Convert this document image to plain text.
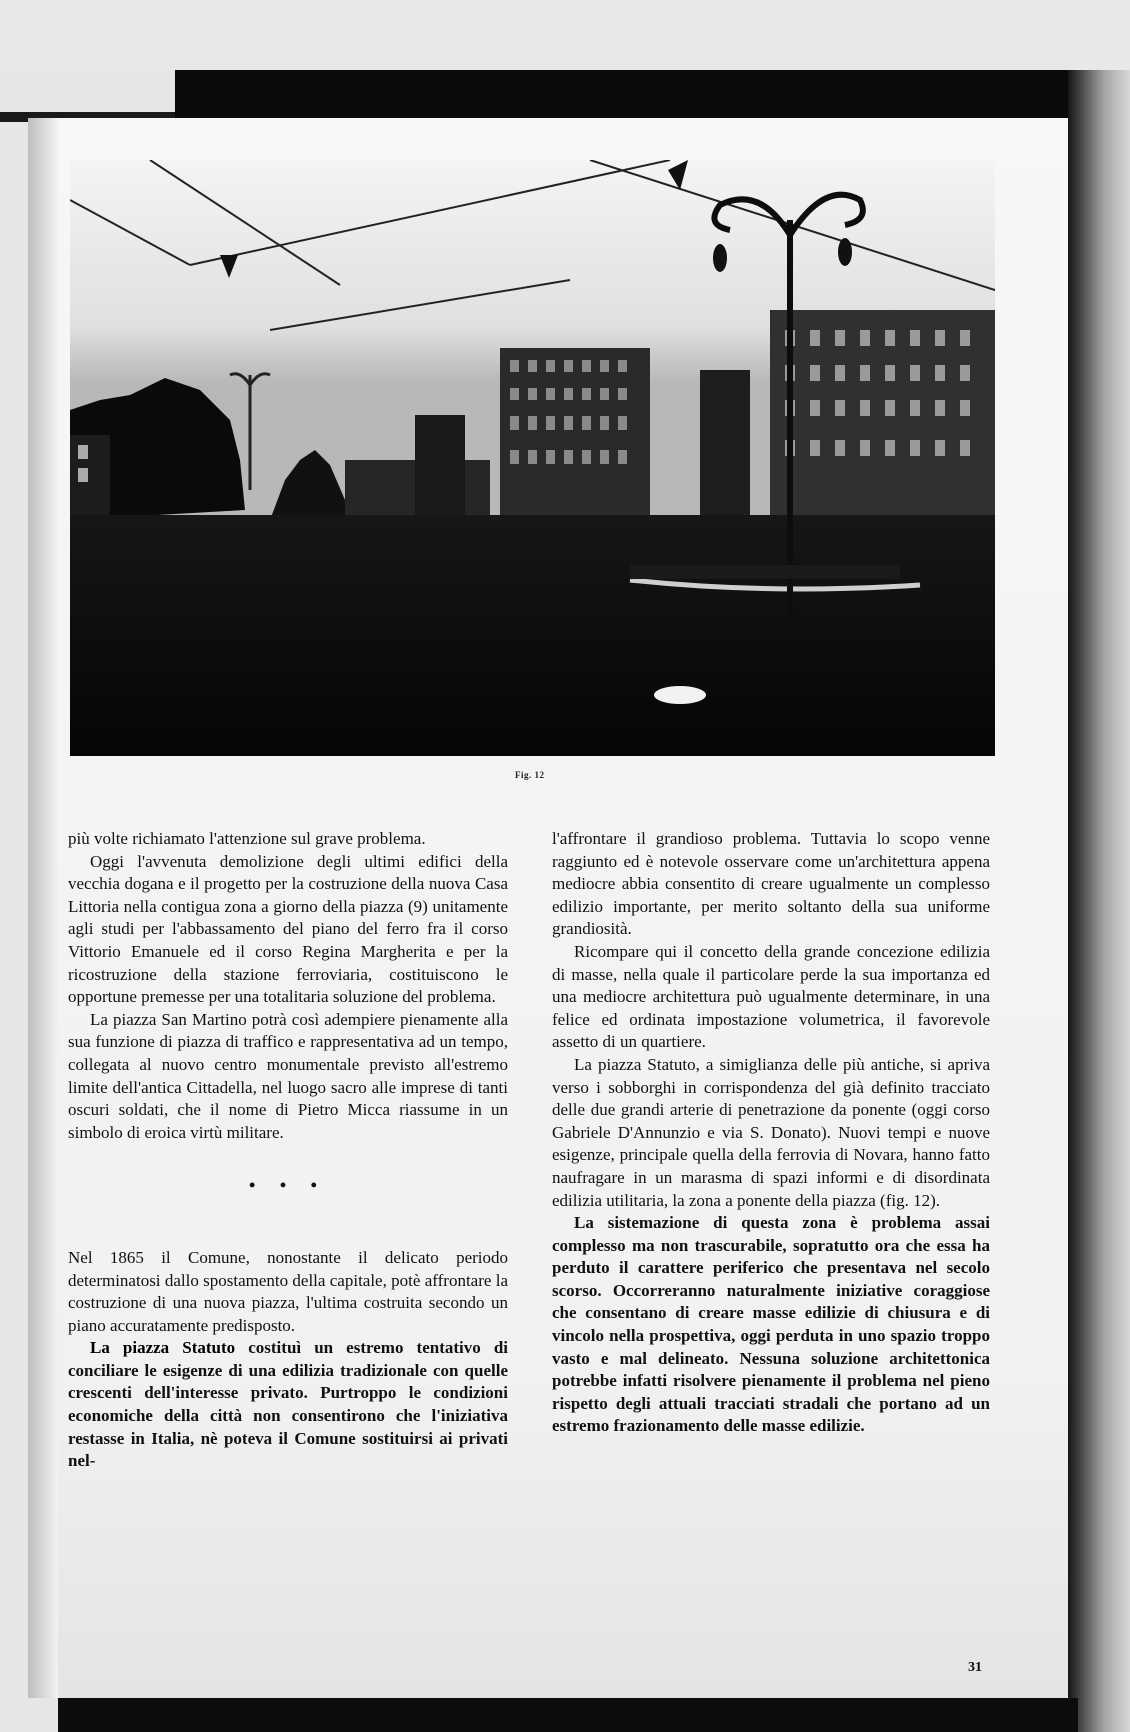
Fig. 12

più volte richiamato l'attenzione sul grave problema.

Oggi l'avvenuta demolizione degli ultimi edifici della vecchia dogana e il progetto per la costruzione della nuova Casa Littoria nella contigua zona a giorno della piazza (9) unitamente agli studi per l'abbassamento del piano del ferro fra il corso Vittorio Emanuele ed il corso Regina Margherita e per la ricostruzione della stazione ferroviaria, costituiscono le opportune premesse per una totalitaria soluzione del problema.

La piazza San Martino potrà così adempiere pienamente alla sua funzione di piazza di traffico e rappresentativa ad un tempo, collegata al nuovo centro monumentale previsto all'estremo limite dell'antica Cittadella, nel luogo sacro alle imprese di tanti oscuri soldati, che il nome di Pietro Micca riassume in un simbolo di eroica virtù militare.

• • •

Nel 1865 il Comune, nonostante il delicato periodo determinatosi dallo spostamento della capitale, potè affrontare la costruzione di una nuova piazza, l'ultima costruita secondo un piano accuratamente predisposto.

La piazza Statuto costituì un estremo tentativo di conciliare le esigenze di una edilizia tradizionale con quelle crescenti dell'interesse privato. Purtroppo le condizioni economiche della città non consentirono che l'iniziativa restasse in Italia, nè poteva il Comune sostituirsi ai privati nel-

l'affrontare il grandioso problema. Tuttavia lo scopo venne raggiunto ed è notevole osservare come un'architettura appena mediocre abbia consentito di creare ugualmente un complesso edilizio importante, per merito soltanto della sua uniforme grandiosità.

Ricompare qui il concetto della grande concezione edilizia di masse, nella quale il particolare perde la sua importanza ed una mediocre architettura può ugualmente determinare, in una felice ed ordinata impostazione volumetrica, il favorevole assetto di un quartiere.

La piazza Statuto, a simiglianza delle più antiche, si apriva verso i sobborghi in corrispondenza del già definito tracciato delle due grandi arterie di penetrazione da ponente (oggi corso Gabriele D'Annunzio e via S. Donato). Nuovi tempi e nuove esigenze, principale quella della ferrovia di Novara, hanno fatto naufragare in un marasma di spazi informi e di disordinata edilizia utilitaria, la zona a ponente della piazza (fig. 12).

La sistemazione di questa zona è problema assai complesso ma non trascurabile, sopratutto ora che essa ha perduto il carattere periferico che presentava nel secolo scorso. Occorreranno naturalmente iniziative coraggiose che consentano di creare masse edilizie di chiusura e di vincolo nella prospettiva, oggi perduta in uno spazio troppo vasto e mal delineato. Nessuna soluzione architettonica potrebbe infatti risolvere pienamente il problema nel pieno rispetto degli attuali tracciati stradali che portano ad un estremo frazionamento delle masse edilizie.

31
